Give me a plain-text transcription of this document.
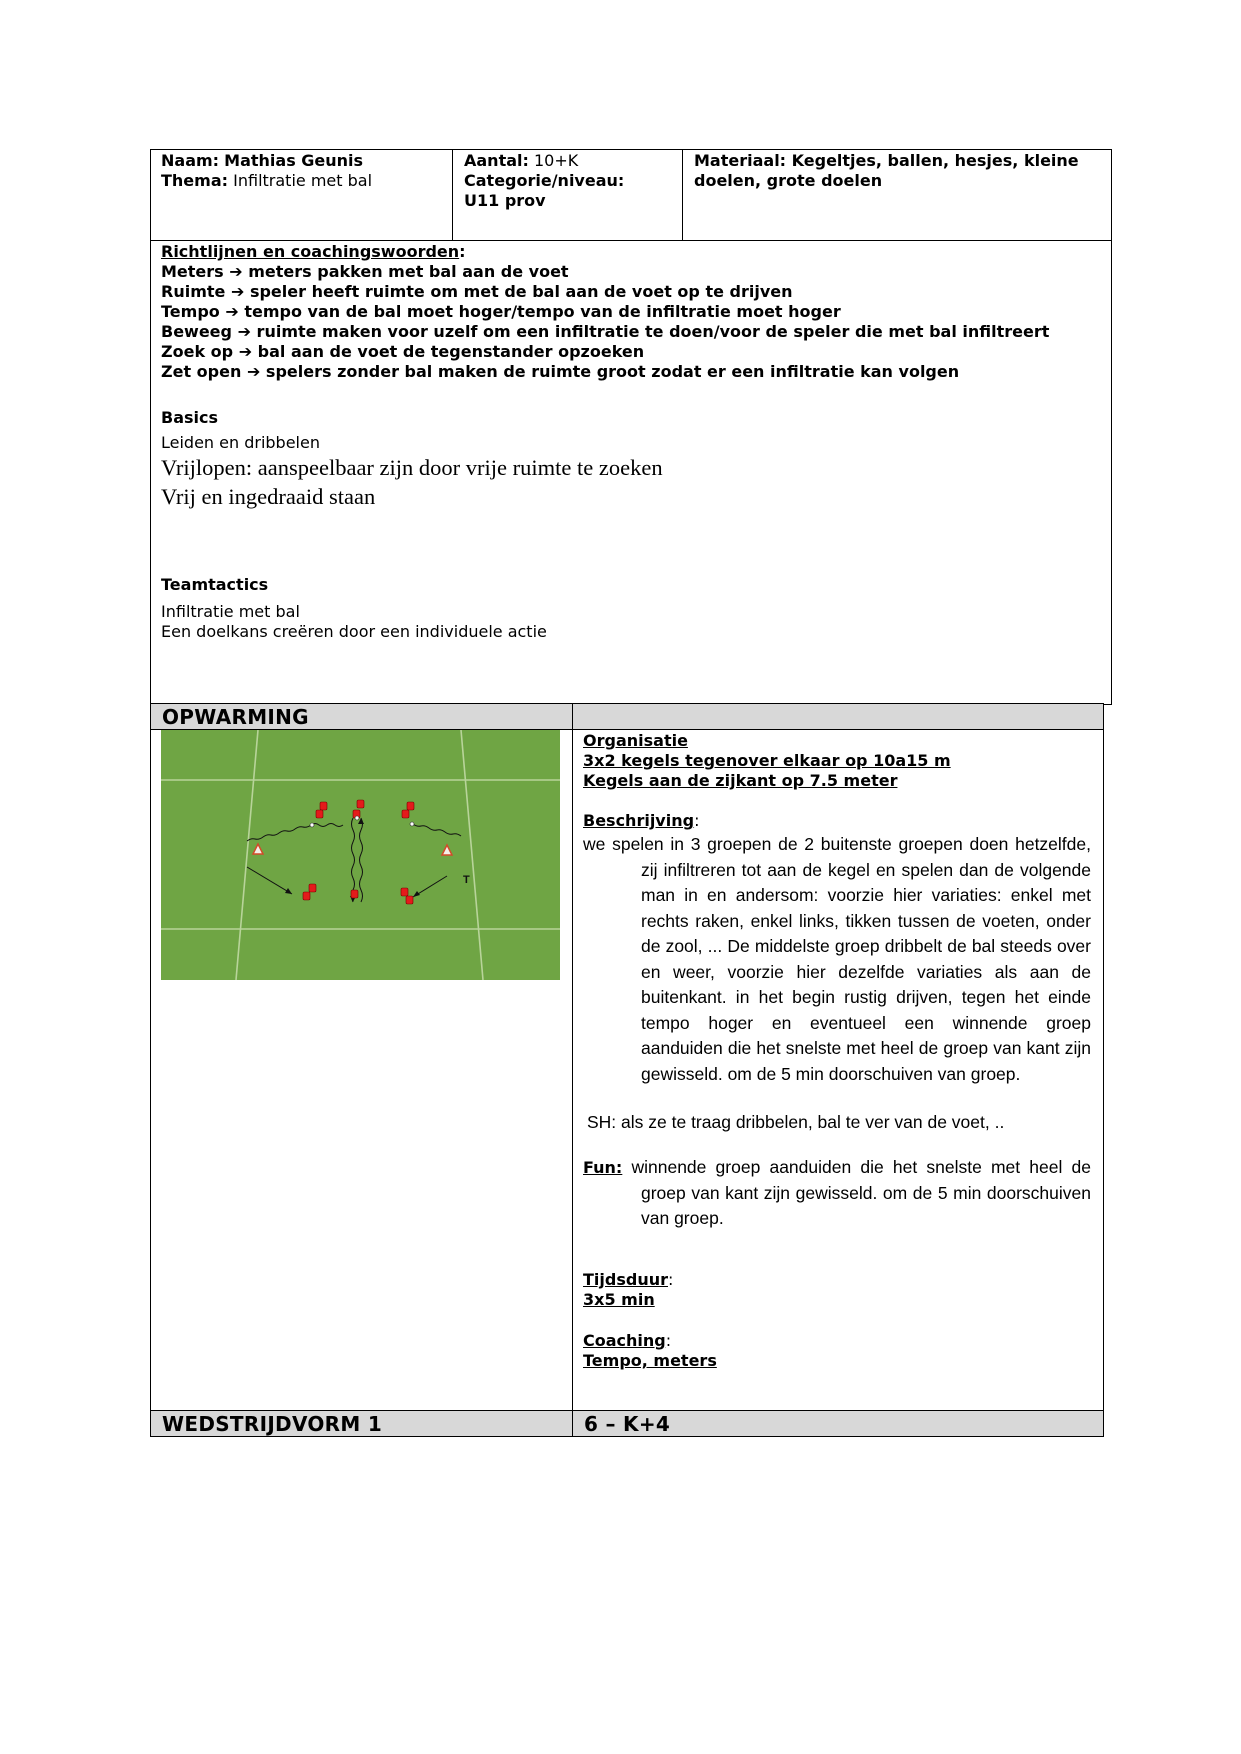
Naam: Mathias Geunis
Thema: Infiltratie met bal
Aantal: 10+K
Categorie/niveau:
U11 prov
Materiaal: Kegeltjes, ballen, hesjes, kleine
doelen, grote doelen
Richtlijnen en coachingswoorden:
Meters ➔ meters pakken met bal aan de voet
Ruimte ➔ speler heeft ruimte om met de bal aan de voet op te drijven
Tempo ➔ tempo van de bal moet hoger/tempo van de infiltratie moet hoger
Beweeg ➔ ruimte maken voor uzelf om een infiltratie te doen/voor de speler die met bal infiltreert
Zoek op ➔ bal aan de voet de tegenstander opzoeken
Zet open ➔ spelers zonder bal maken de ruimte groot zodat er een infiltratie kan volgen
Basics
Leiden en dribbelen
Vrijlopen: aanspeelbaar zijn door vrije ruimte te zoeken
Vrij en ingedraaid staan
Teamtactics
Infiltratie met bal
Een doelkans creëren door een individuele actie
OPWARMING
T
Organisatie
3x2 kegels tegenover elkaar op 10a15 m
Kegels aan de zijkant op 7.5 meter
Beschrijving:
we spelen in 3 groepen de 2 buitenste groepen doen hetzelfde, zij infiltreren tot aan de kegel en spelen dan de volgende man in en andersom: voorzie hier variaties: enkel met rechts raken, enkel links, tikken tussen de voeten, onder de zool, ... De middelste groep dribbelt de bal steeds over en weer, voorzie hier dezelfde variaties als aan de buitenkant. in het begin rustig drijven, tegen het einde tempo hoger en eventueel een winnende groep aanduiden die het snelste met heel de groep van kant zijn gewisseld. om de 5 min doorschuiven van groep.
SH: als ze te traag dribbelen, bal te ver van de voet, ..
Fun: winnende groep aanduiden die het snelste met heel de groep van kant zijn gewisseld. om de 5 min doorschuiven van groep.
Tijdsduur:
3x5 min
Coaching:
Tempo, meters
WEDSTRIJDVORM 1	6 – K+4
